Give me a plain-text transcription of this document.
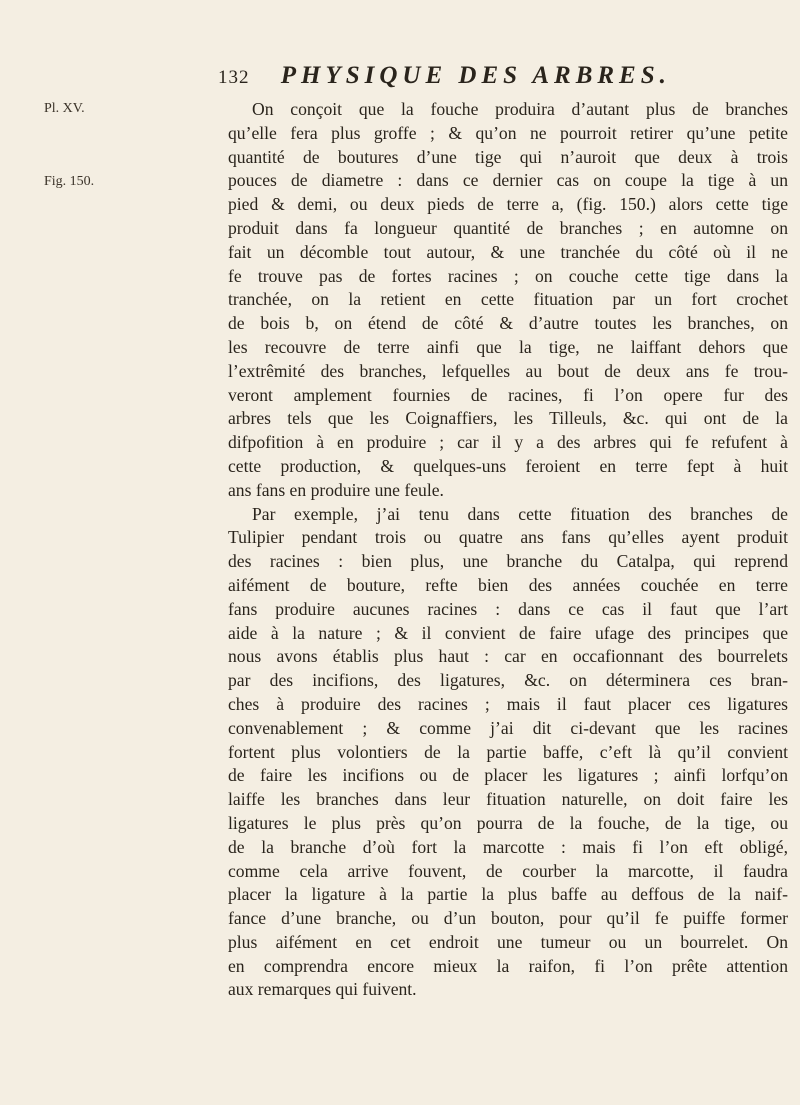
132 PHYSIQUE DES ARBRES.
Pl. XV.
Fig. 150.
On conçoit que la fouche produira d’autant plus de branches
qu’elle fera plus groffe ; & qu’on ne pourroit retirer qu’une petite
quantité de boutures d’une tige qui n’auroit que deux à trois
pouces de diametre : dans ce dernier cas on coupe la tige à un
pied & demi, ou deux pieds de terre a, (fig. 150.) alors cette tige
produit dans fa longueur quantité de branches ; en automne on
fait un décomble tout autour, & une tranchée du côté où il ne
fe trouve pas de fortes racines ; on couche cette tige dans la
tranchée, on la retient en cette fituation par un fort crochet
de bois b, on étend de côté & d’autre toutes les branches, on
les recouvre de terre ainfi que la tige, ne laiffant dehors que
l’extrêmité des branches, lefquelles au bout de deux ans fe trou-
veront amplement fournies de racines, fi l’on opere fur des
arbres tels que les Coignaffiers, les Tilleuls, &c. qui ont de la
difpofition à en produire ; car il y a des arbres qui fe refufent à
cette production, & quelques-uns feroient en terre fept à huit
ans fans en produire une feule.
Par exemple, j’ai tenu dans cette fituation des branches de
Tulipier pendant trois ou quatre ans fans qu’elles ayent produit
des racines : bien plus, une branche du Catalpa, qui reprend
aifément de bouture, refte bien des années couchée en terre
fans produire aucunes racines : dans ce cas il faut que l’art
aide à la nature ; & il convient de faire ufage des principes que
nous avons établis plus haut : car en occafionnant des bourrelets
par des incifions, des ligatures, &c. on déterminera ces bran-
ches à produire des racines ; mais il faut placer ces ligatures
convenablement ; & comme j’ai dit ci-devant que les racines
fortent plus volontiers de la partie baffe, c’eft là qu’il convient
de faire les incifions ou de placer les ligatures ; ainfi lorfqu’on
laiffe les branches dans leur fituation naturelle, on doit faire les
ligatures le plus près qu’on pourra de la fouche, de la tige, ou
de la branche d’où fort la marcotte : mais fi l’on eft obligé,
comme cela arrive fouvent, de courber la marcotte, il faudra
placer la ligature à la partie la plus baffe au deffous de la naif-
fance d’une branche, ou d’un bouton, pour qu’il fe puiffe former
plus aifément en cet endroit une tumeur ou un bourrelet. On
en comprendra encore mieux la raifon, fi l’on prête attention
aux remarques qui fuivent.
